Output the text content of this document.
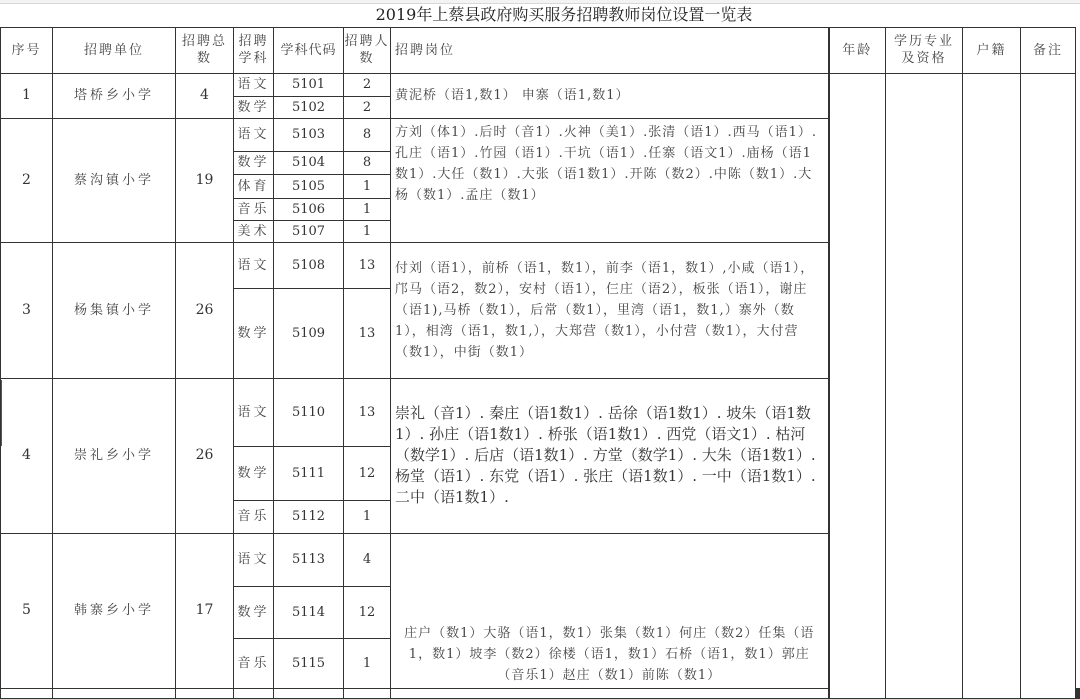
	2019年上蔡县政府购买服务招聘教师岗位设置一览表											
序号	招聘单位	招聘总数	招聘学科	学科代码	招聘人数	招聘岗位	年龄	学历专业及资格	户籍	备注		
1	塔桥乡小学	4	语文	5101	2	黄泥桥（语1,数1） 申寨（语1,数1）						
			数学	5102	2							
2	蔡沟镇小学	19	语文	5103	8	方刘（体1）.后时（音1）.火神（美1）.张清（语1）.西马（语1）.
孔庄（语1）.竹园（语1）.干坑（语1）.任寨（语文1）.庙杨（语1数1）.大任（数1）.大张（语1数1）.开陈（数2）.中陈（数1）.大杨（数1）.孟庄（数1）						

			数学	5104	8							
			体育	5105	1							
			音乐	5106	1							
			美术	5107	1							
3	杨集镇小学	26	语文	5108	13	付刘（语1），前桥（语1，数1），前李（语1，数1）,小咸（语1），邝马（语2，数2），安村（语1），仨庄（语2），板张（语1），谢庄（语1),马桥（数1），后常（数1），里湾（语1，数1,）寨外（数1），相湾（语1，数1,），大郑营（数1），小付营（数1），大付营（数1），中街（数1）						
			数学	5109	13							
4	崇礼乡小学	26	语文	5110	13	崇礼（音1）. 秦庄（语1数1）. 岳徐（语1数1）. 坡朱（语1数1）. 孙庄（语1数1）. 桥张（语1数1）. 西党（语文1）. 枯河（数学1）. 后店（语1数1）. 方堂（数学1）. 大朱（语1数1）. 杨堂（语1）. 东党（语1）. 张庄（语1数1）. 一中（语1数1）. 二中（语1数1）.						
			数学	5111	12							
			音乐	5112	1							
5	韩寨乡小学	17	语文	5113	4	庄户（数1）大骆（语1，数1）张集（数1）何庄（数2）任集（语1，数1）坡李（数2）徐楼（语1，数1）石桥（语1，数1）郭庄（音乐1）赵庄（数1）前陈（数1）						
			数学	5114	12							
			音乐	5115	1							
